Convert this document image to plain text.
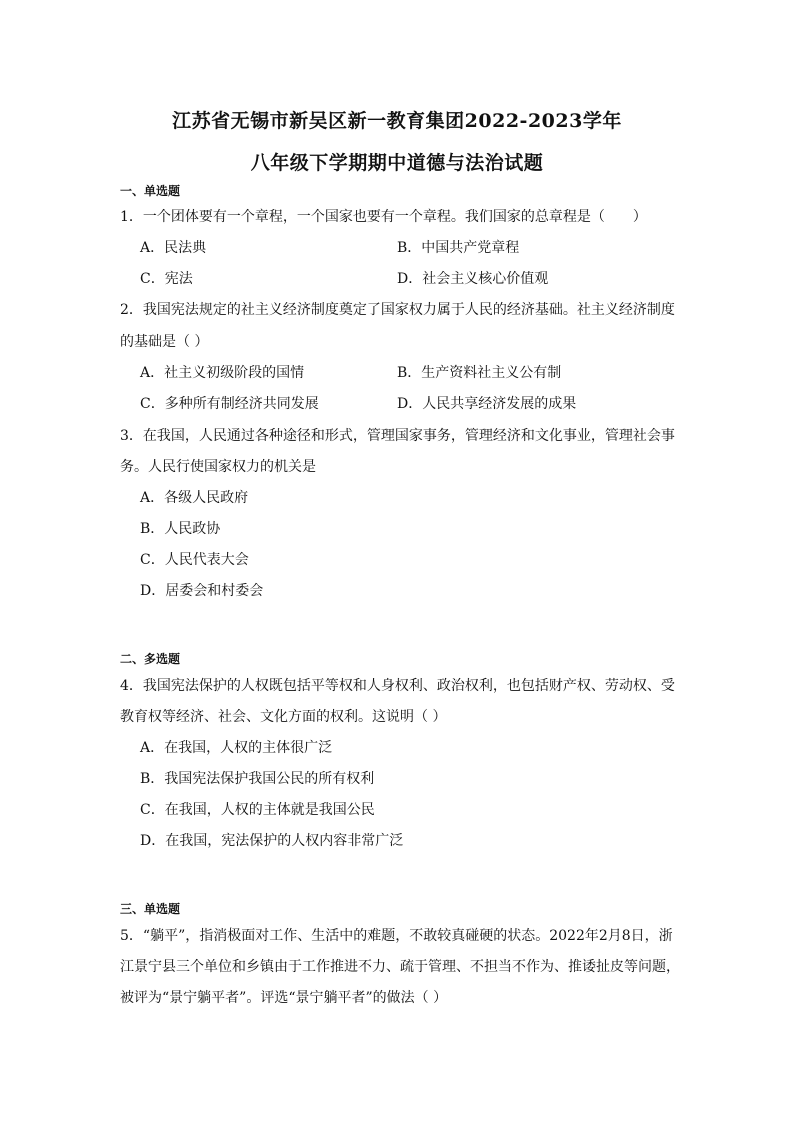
江苏省无锡市新吴区新一教育集团2022-2023学年
八年级下学期期中道德与法治试题
一、单选题
1．一个团体要有一个章程，一个国家也要有一个章程。我们国家的总章程是（　　）
A．民法典	B．中国共产党章程
C．宪法	D．社会主义核心价值观
2．我国宪法规定的社主义经济制度奠定了国家权力属于人民的经济基础。社主义经济制度
的基础是（ ）
A．社主义初级阶段的国情	B．生产资料社主义公有制
C．多种所有制经济共同发展	D．人民共享经济发展的成果
3．在我国，人民通过各种途径和形式，管理国家事务，管理经济和文化事业，管理社会事
务。人民行使国家权力的机关是
A．各级人民政府
B．人民政协
C．人民代表大会
D．居委会和村委会
二、多选题
4．我国宪法保护的人权既包括平等权和人身权利、政治权利，也包括财产权、劳动权、受
教育权等经济、社会、文化方面的权利。这说明（ ）
A．在我国，人权的主体很广泛
B．我国宪法保护我国公民的所有权利
C．在我国，人权的主体就是我国公民
D．在我国，宪法保护的人权内容非常广泛
三、单选题
5．“躺平”，指消极面对工作、生活中的难题，不敢较真碰硬的状态。2022年2月8日，浙
江景宁县三个单位和乡镇由于工作推进不力、疏于管理、不担当不作为、推诿扯皮等问题，
被评为“景宁躺平者”。评选“景宁躺平者”的做法（ ）
